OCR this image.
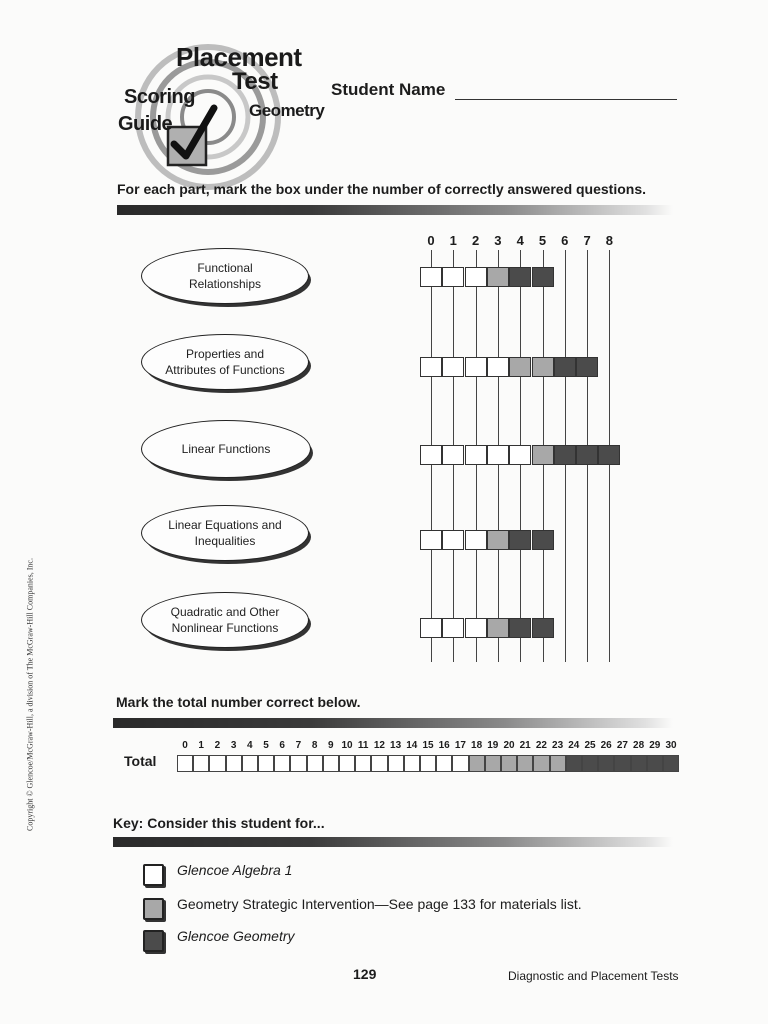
Placement
Test
Scoring
Guide
Geometry
Student Name
For each part, mark the box under the number of correctly answered questions.
0 1 2 3 4 5 6 7 8
Functional Relationships
Properties and Attributes of Functions
Linear Functions
Linear Equations and Inequalities
Quadratic and Other Nonlinear Functions
Mark the total number correct below.
Total
0	1	2	3	4	5	6	7	8	9 10 11 12 13 14 15 16 17 18 19 20 21 22 23 24 25 26 27 28 29 30
Key: Consider this student for...
Glencoe Algebra 1
Geometry Strategic Intervention—See page 133 for materials list.
Glencoe Geometry
129	Diagnostic and Placement Tests
Copyright © Glencoe/McGraw-Hill, a division of The McGraw-Hill Companies, Inc.
